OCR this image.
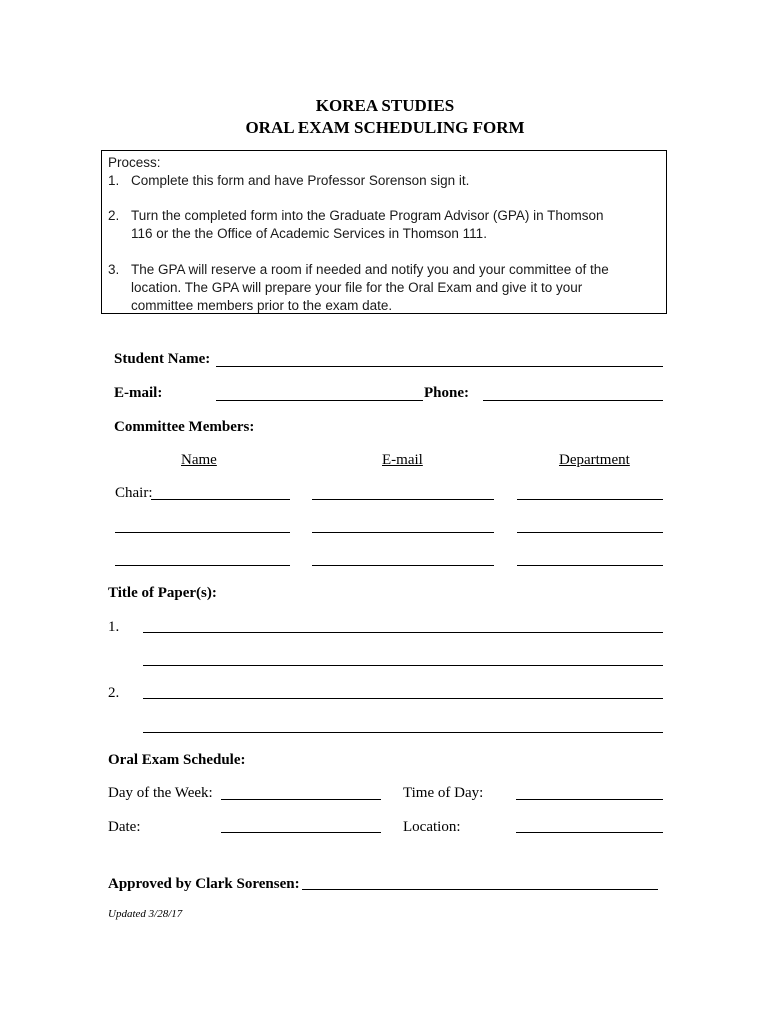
KOREA STUDIES
ORAL EXAM SCHEDULING FORM
Process:
1. Complete this form and have Professor Sorenson sign it.
2. Turn the completed form into the Graduate Program Advisor (GPA) in Thomson
116 or the the Office of Academic Services in Thomson 111.
3. The GPA will reserve a room if needed and notify you and your committee of the
location. The GPA will prepare your file for the Oral Exam and give it to your
committee members prior to the exam date.
Student Name:
E-mail:	Phone:
Committee Members:
Name	E-mail	Department
Chair:
Title of Paper(s):
1.
2.
Oral Exam Schedule:
Day of the Week:	Time of Day:
Date:	Location:
Approved by Clark Sorensen:
Updated 3/28/17
